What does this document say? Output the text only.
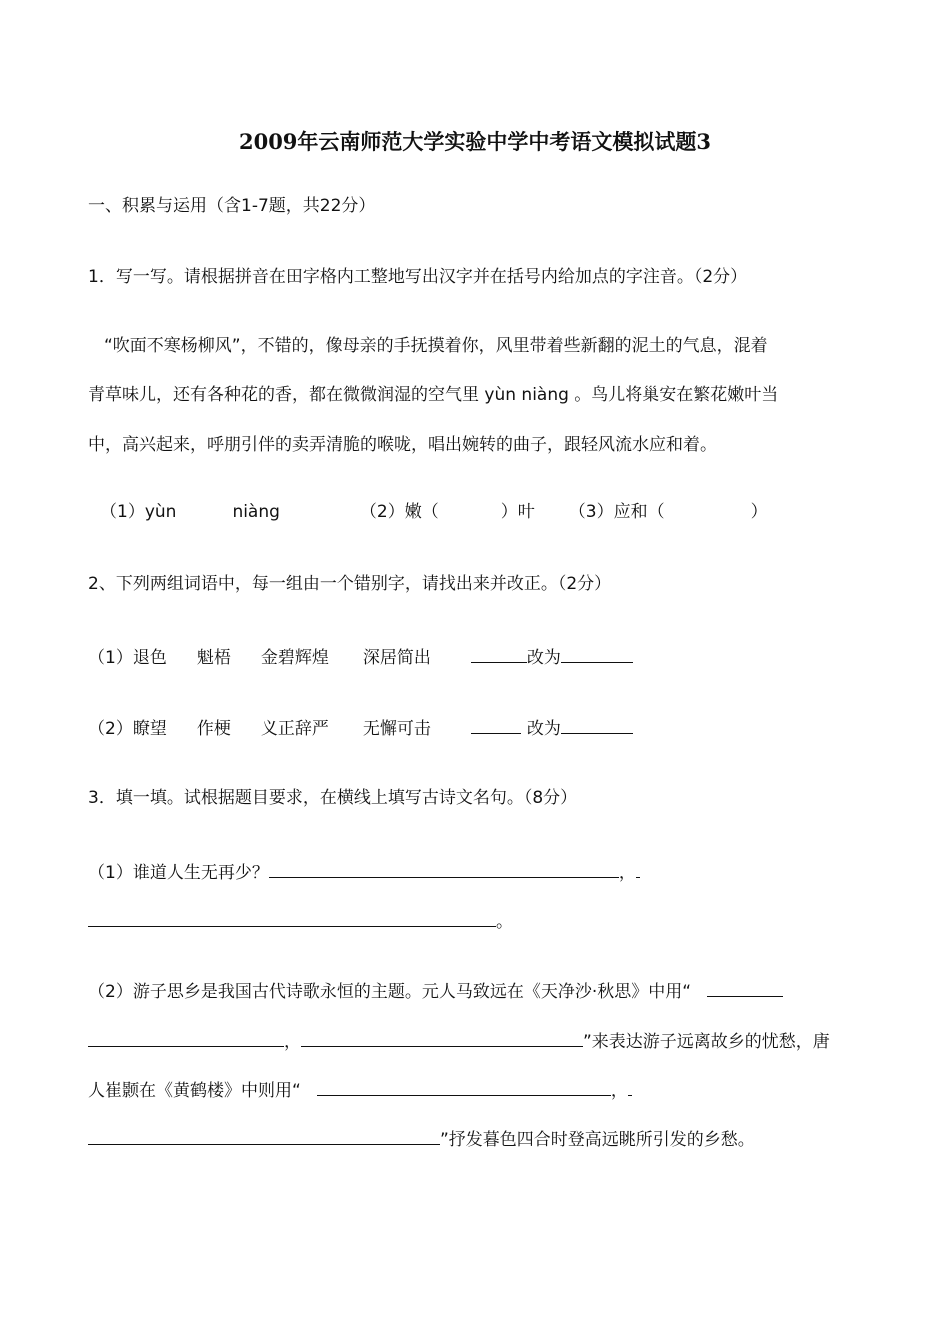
2009年云南师范大学实验中学中考语文模拟试题3
一、积累与运用（含1-7题，共22分）
1．写一写。请根据拼音在田字格内工整地写出汉字并在括号内给加点的字注音。（2分）
“吹面不寒杨柳风”，不错的，像母亲的手抚摸着你，风里带着些新翻的泥土的气息，混着
青草味儿，还有各种花的香，都在微微润湿的空气里 yùn niàng 。鸟儿将巢安在繁花嫩叶当
中，高兴起来，呼朋引伴的卖弄清脆的喉咙，唱出婉转的曲子，跟轻风流水应和着。
（1）yùn	niàng	（2）嫩（	）叶 （3）应和（	）
2、下列两组词语中，每一组由一个错别字，请找出来并改正。（2分）
（1）退色 魁梧 金碧辉煌 深居简出	改为
（2）瞭望 作梗 义正辞严 无懈可击	改为
3．填一填。试根据题目要求，在横线上填写古诗文名句。（8分）
（1）谁道人生无再少？	，
。
（2）游子思乡是我国古代诗歌永恒的主题。元人马致远在《天净沙·秋思》中用“
，	”来表达游子远离故乡的忧愁，唐
人崔颢在《黄鹤楼》中则用“	，
”抒发暮色四合时登高远眺所引发的乡愁。
